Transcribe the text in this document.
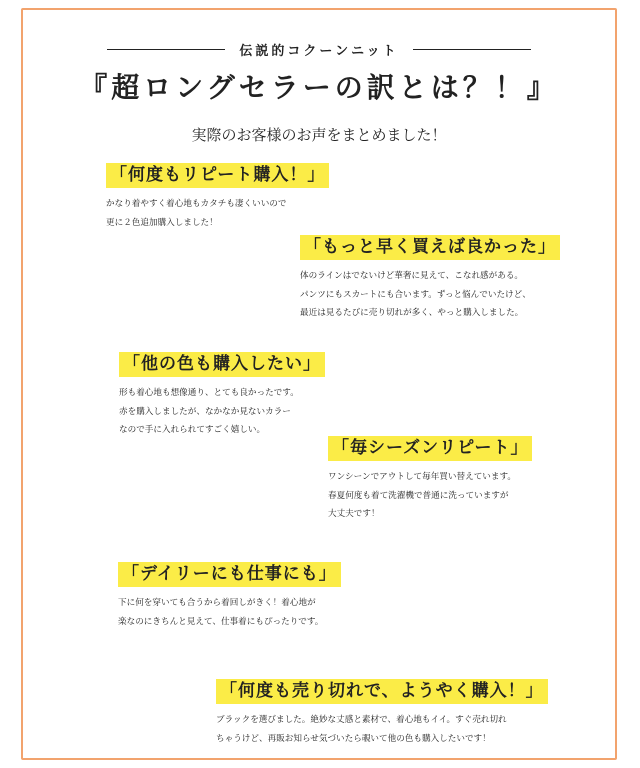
伝説的コクーンニット
『超ロングセラーの訳とは？！』
実際のお客様のお声をまとめました！
「何度もリピート購入！」
かなり着やすく着心地もカタチも凄くいいので
更に２色追加購入しました！
「もっと早く買えば良かった」
体のラインはでないけど華奢に見えて、こなれ感がある。
パンツにもスカートにも合います。ずっと悩んでいたけど、
最近は見るたびに売り切れが多く、やっと購入しました。
「他の色も購入したい」
形も着心地も想像通り、とても良かったです。
赤を購入しましたが、なかなか見ないカラー
なので手に入れられてすごく嬉しい。
「毎シーズンリピート」
ワンシーンでアウトして毎年買い替えています。
春夏何度も着て洗濯機で普通に洗っていますが
大丈夫です！
「デイリーにも仕事にも」
下に何を穿いても合うから着回しがきく！着心地が
楽なのにきちんと見えて、仕事着にもぴったりです。
「何度も売り切れで、ようやく購入！」
ブラックを選びました。絶妙な丈感と素材で、着心地もイイ。すぐ売れ切れ
ちゃうけど、再販お知らせ気づいたら覗いて他の色も購入したいです！
